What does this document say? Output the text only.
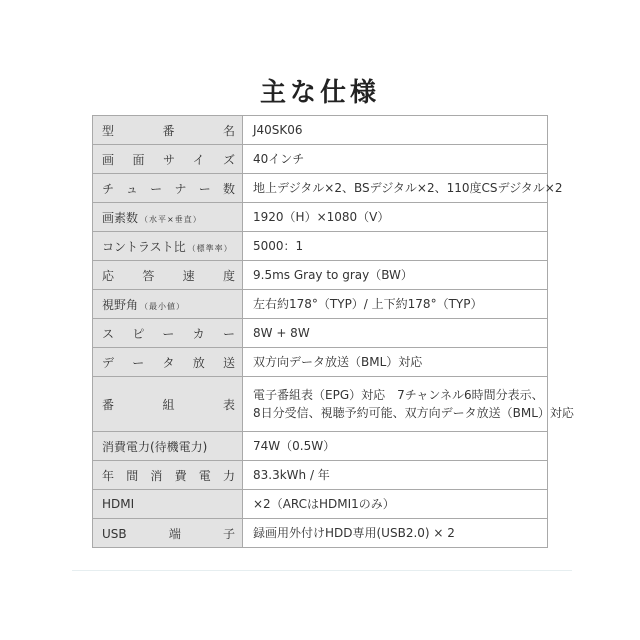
主な仕様
型　番　名	J40SK06

画面サイズ	40インチ

チューナー数	地上デジタル×2、BSデジタル×2、110度CSデジタル×2

画素数 （水平×垂直）	1920（H）×1080（V）

コントラスト比 （標準率）	5000：1

応答速度	9.5ms Gray to gray（BW）

視野角 （最小値）	左右約178°（TYP）/ 上下約178°（TYP）

スピーカー	8W + 8W

データ放送	双方向データ放送（BML）対応

番組表	電子番組表（EPG）対応　7チャンネル6時間分表示、
8日分受信、視聴予約可能、双方向データ放送（BML）対応

消費電力(待機電力)	74W（0.5W）

年間消費電力	83.3kWh / 年

HDMI	×2（ARCはHDMI1のみ）

USB端子	録画用外付けHDD専用(USB2.0) × 2
